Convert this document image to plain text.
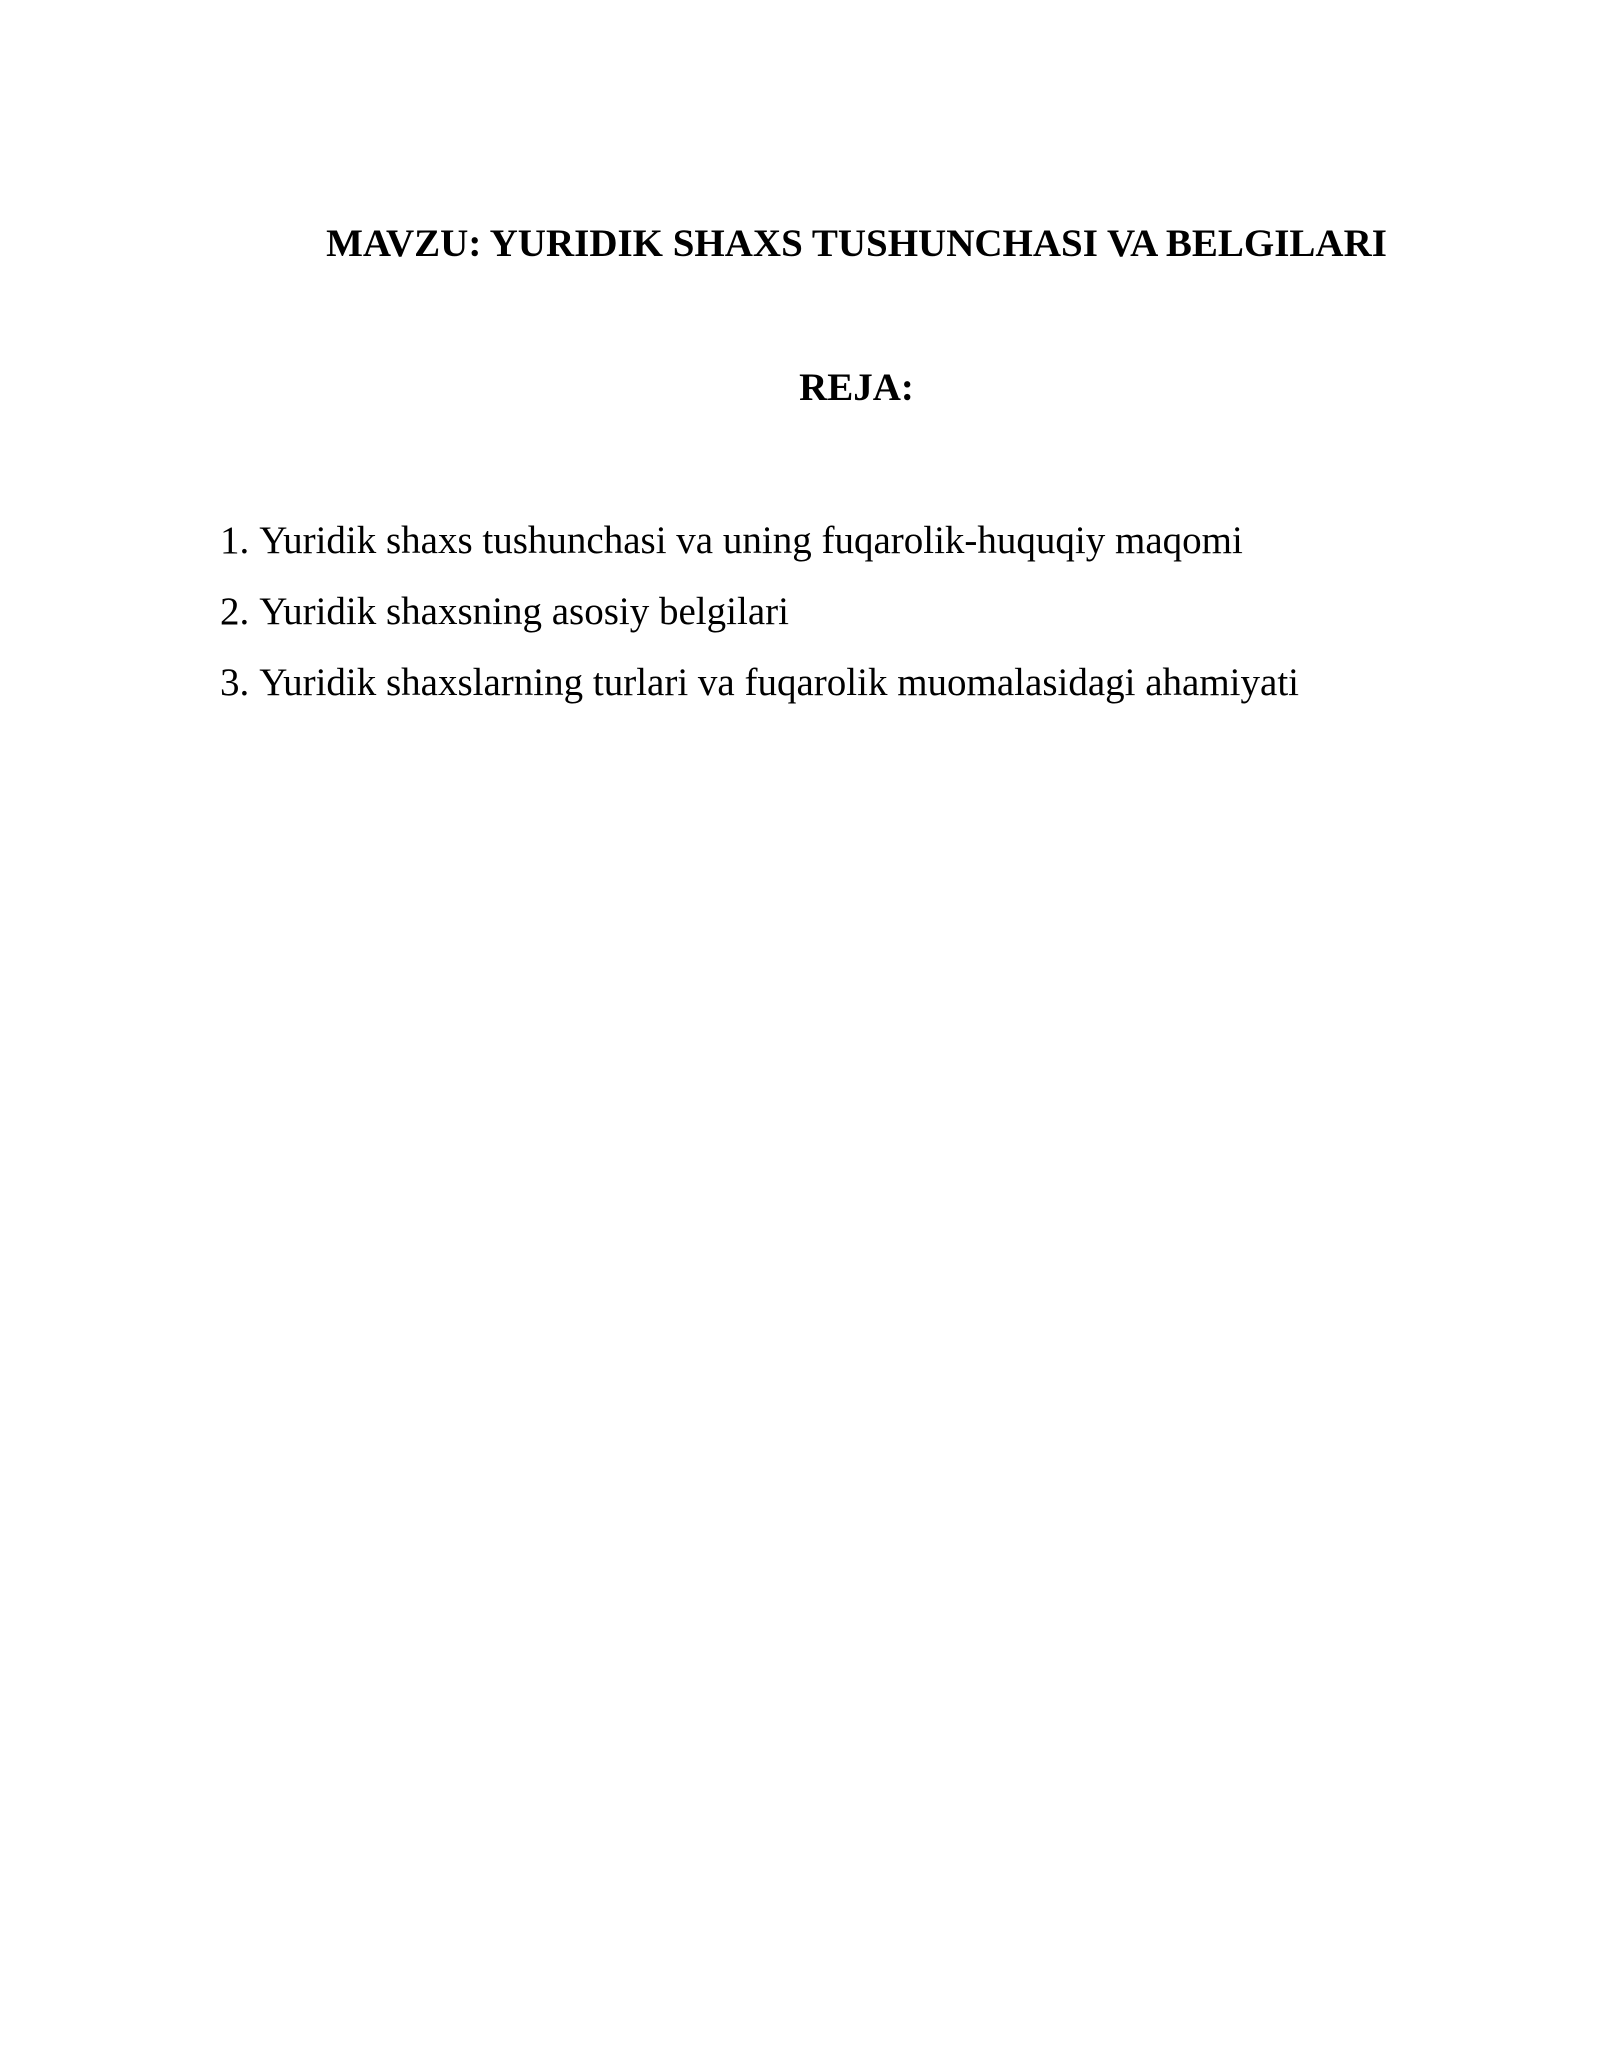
MAVZU: YURIDIK SHAXS TUSHUNCHASI VA BELGILARI
REJA:
1. Yuridik shaxs tushunchasi va uning fuqarolik-huquqiy maqomi
2. Yuridik shaxsning asosiy belgilari
3. Yuridik shaxslarning turlari va fuqarolik muomalasidagi ahamiyati
